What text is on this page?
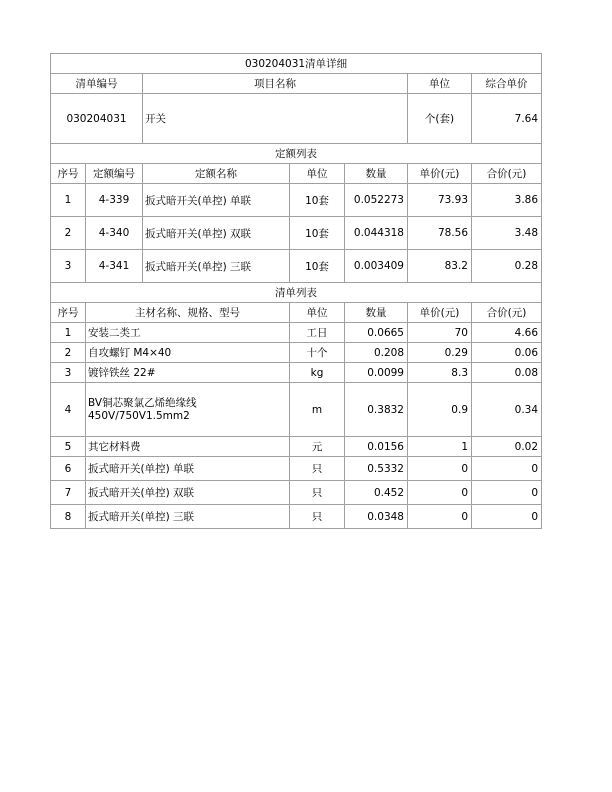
030204031清单详细						
清单编号		项目名称			单位	综合单价
030204031		开关			个(套)	7.64
定额列表						
序号	定额编号	定额名称	单位	数量	单价(元)	合价(元)
1	4-339	扳式暗开关(单控) 单联	10套	0.052273	73.93	3.86
2	4-340	扳式暗开关(单控) 双联	10套	0.044318	78.56	3.48
3	4-341	扳式暗开关(单控) 三联	10套	0.003409	83.2	0.28
清单列表						
序号	主材名称、规格、型号		单位	数量	单价(元)	合价(元)
1	安装二类工		工日	0.0665	70	4.66
2	自攻螺钉 M4×40		十个	0.208	0.29	0.06
3	镀锌铁丝 22#		kg	0.0099	8.3	0.08
4	BV铜芯聚氯乙烯绝缘线 450V/750V1.5mm2		m	0.3832	0.9	0.34
5	其它材料费		元	0.0156	1	0.02
6	扳式暗开关(单控) 单联		只	0.5332	0	0
7	扳式暗开关(单控) 双联		只	0.452	0	0
8	扳式暗开关(单控) 三联		只	0.0348	0	0
